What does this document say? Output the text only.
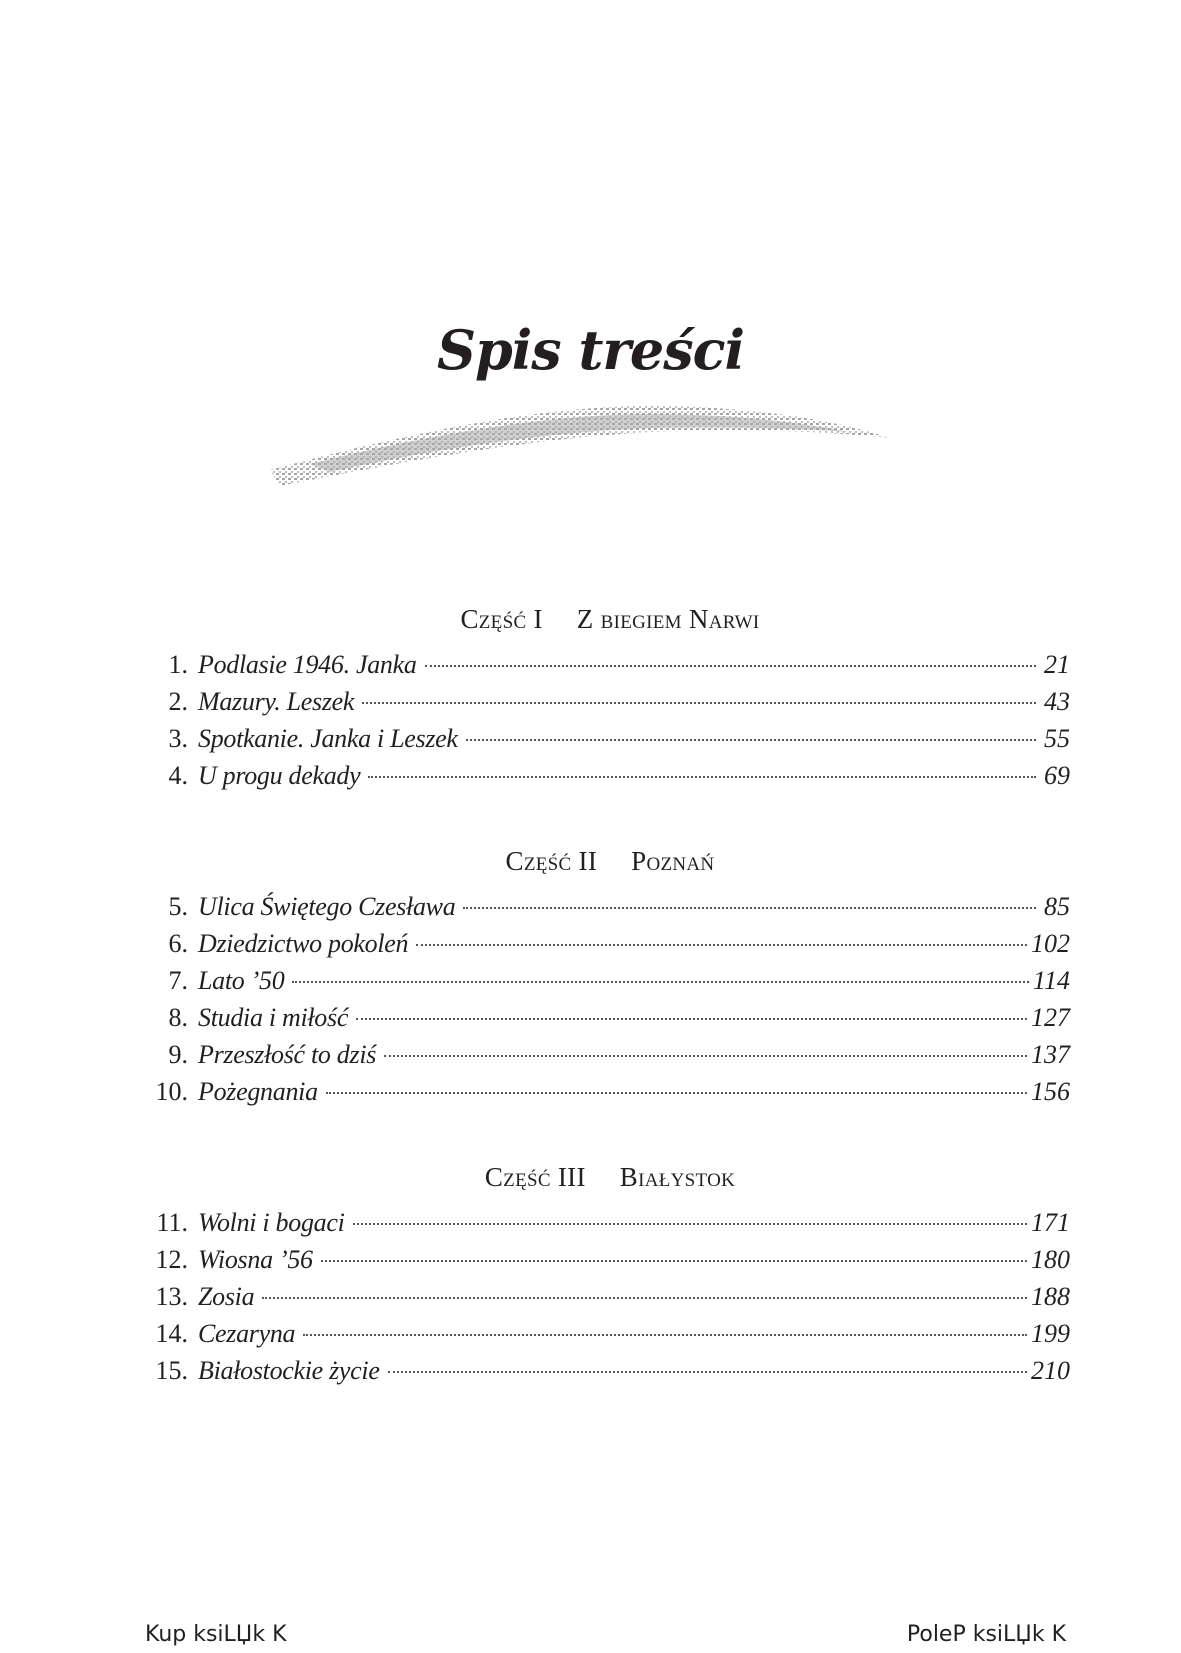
Spis treści
Część I Z biegiem Narwi
1. Podlasie 1946. Janka	21
2. Mazury. Leszek	43
3. Spotkanie. Janka i Leszek	55
4. U progu dekady	69
Część II Poznań
5. Ulica Świętego Czesława	85
6. Dziedzictwo pokoleń	102
7. Lato ’50	114
8. Studia i miłość	127
9. Przeszłość to dziś	137
10. Pożegnania	156
Część III Białystok
11. Wolni i bogaci	171
12. Wiosna ’56	180
13. Zosia	188
14. Cezaryna	199
15. Białostockie życie	210
Kup ksiLЏk K	PoleP ksiLЏk K
